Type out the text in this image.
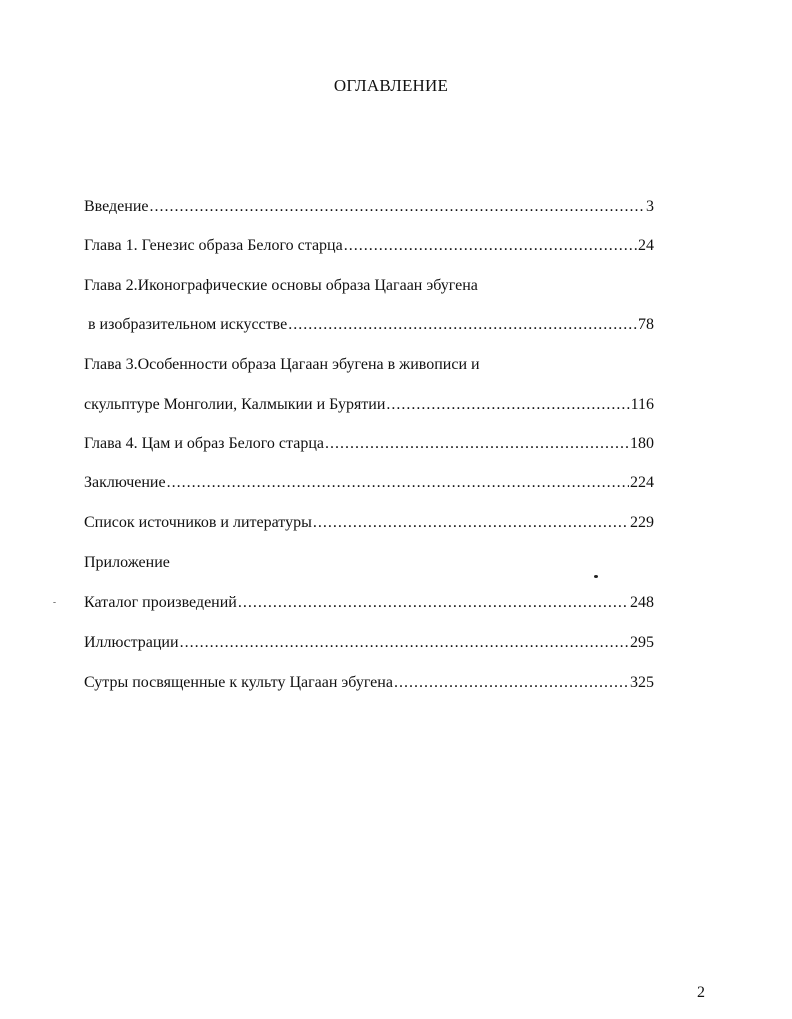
ОГЛАВЛЕНИЕ
Введение .....	3
Глава 1. Генезис образа Белого старца .....	24
Глава 2.Иконографические основы образа Цагаан эбугена
в изобразительном искусстве .....	78
Глава 3.Особенности образа Цагаан эбугена в живописи и
скульптуре Монголии, Калмыкии и Бурятии .....	116
Глава 4. Цам и образ Белого старца .....	180
Заключение .....	224
Список источников и литературы .....	229
Приложение
Каталог произведений .....	248
Иллюстрации .....	295
Сутры посвященные к культу Цагаан эбугена .....	325
2
